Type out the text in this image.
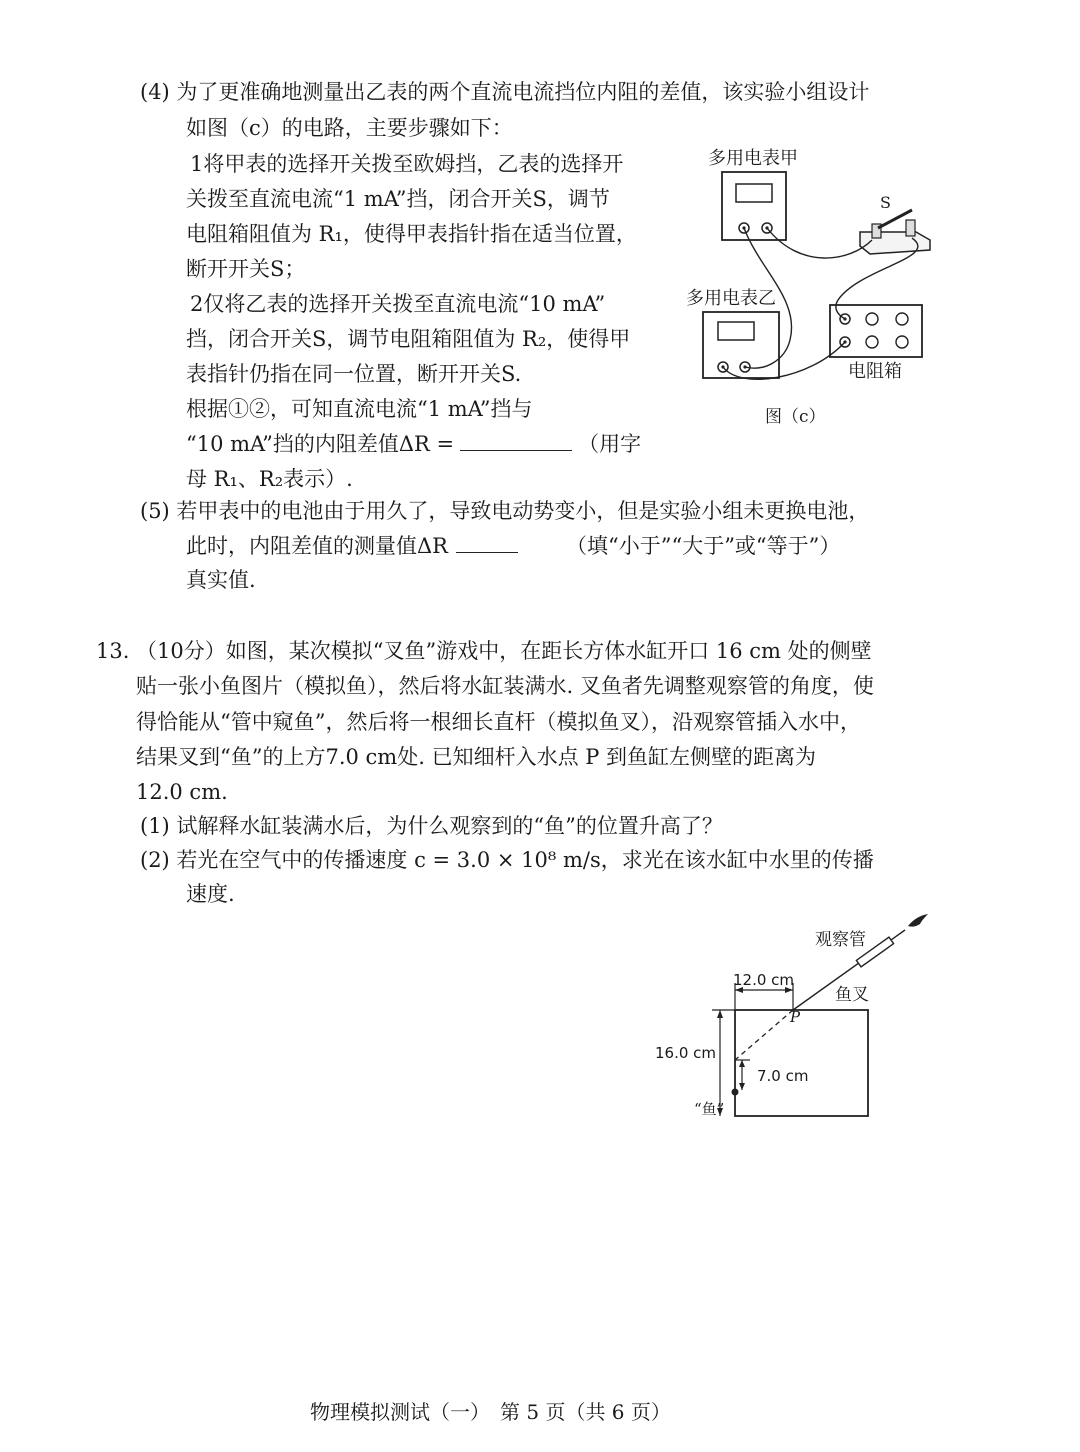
(4) 为了更准确地测量出乙表的两个直流电流挡位内阻的差值，该实验小组设计
如图（c）的电路，主要步骤如下：
1将甲表的选择开关拨至欧姆挡，乙表的选择开
关拨至直流电流“1 mA”挡，闭合开关S，调节
电阻箱阻值为 R₁，使得甲表指针指在适当位置，
断开开关S；
2仅将乙表的选择开关拨至直流电流“10 mA”
挡，闭合开关S，调节电阻箱阻值为 R₂，使得甲
表指针仍指在同一位置，断开开关S.
根据①②，可知直流电流“1 mA”挡与
“10 mA”挡的内阻差值ΔR =	（用字
母 R₁、R₂表示）.
多用电表甲
S
多用电表乙
电阻箱
图（c）
(5) 若甲表中的电池由于用久了，导致电动势变小，但是实验小组未更换电池，
此时，内阻差值的测量值ΔR	（填“小于”“大于”或“等于”）
真实值.
13. （10分）如图，某次模拟“叉鱼”游戏中，在距长方体水缸开口 16 cm 处的侧壁
贴一张小鱼图片（模拟鱼），然后将水缸装满水. 叉鱼者先调整观察管的角度，使
得恰能从“管中窥鱼”，然后将一根细长直杆（模拟鱼叉），沿观察管插入水中，
结果叉到“鱼”的上方7.0 cm处. 已知细杆入水点 P 到鱼缸左侧壁的距离为
12.0 cm.
(1) 试解释水缸装满水后，为什么观察到的“鱼”的位置升高了？
(2) 若光在空气中的传播速度 c = 3.0 × 10⁸ m/s，求光在该水缸中水里的传播
速度.
观察管
12.0 cm
鱼叉
P
16.0 cm
7.0 cm
“鱼”
物理模拟测试（一）　第 5 页（共 6 页）
